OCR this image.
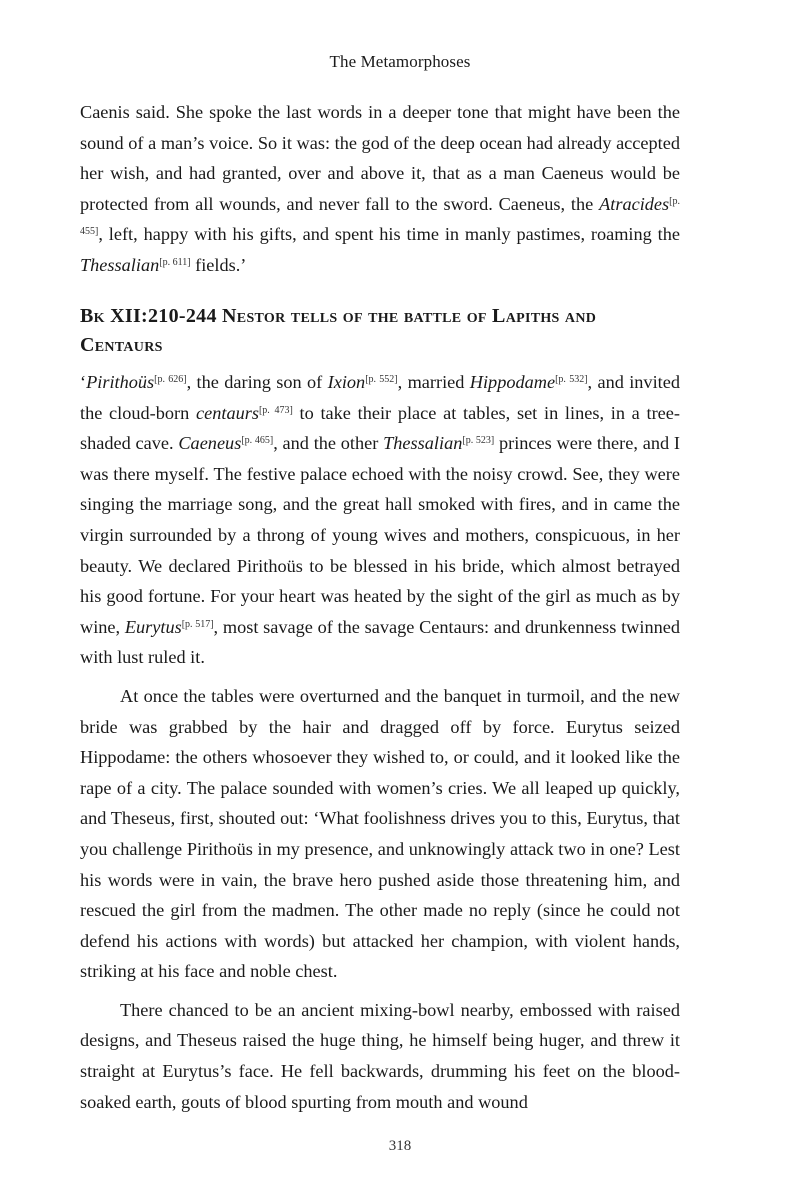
The Metamorphoses

Caenis said. She spoke the last words in a deeper tone that might have been the sound of a man’s voice. So it was: the god of the deep ocean had already accepted her wish, and had granted, over and above it, that as a man Caeneus would be protected from all wounds, and never fall to the sword. Caeneus, the Atracides[p. 455], left, happy with his gifts, and spent his time in manly pastimes, roaming the Thessalian[p. 611] fields.’

Bk XII:210-244 Nestor tells of the battle of Lapiths and Centaurs

‘Pirithoüs[p. 626], the daring son of Ixion[p. 552], married Hippodame[p. 532], and invited the cloud-born centaurs[p. 473] to take their place at tables, set in lines, in a tree-shaded cave. Caeneus[p. 465], and the other Thessalian[p. 523] princes were there, and I was there myself. The festive palace echoed with the noisy crowd. See, they were singing the marriage song, and the great hall smoked with fires, and in came the virgin surrounded by a throng of young wives and mothers, conspicuous, in her beauty. We declared Pirithoüs to be blessed in his bride, which almost betrayed his good fortune. For your heart was heated by the sight of the girl as much as by wine, Eurytus[p. 517], most savage of the savage Centaurs: and drunkenness twinned with lust ruled it.

At once the tables were overturned and the banquet in turmoil, and the new bride was grabbed by the hair and dragged off by force. Eurytus seized Hippodame: the others whosoever they wished to, or could, and it looked like the rape of a city. The palace sounded with women’s cries. We all leaped up quickly, and Theseus, first, shouted out: ‘What foolishness drives you to this, Eurytus, that you challenge Pirithoüs in my presence, and unknowingly attack two in one? Lest his words were in vain, the brave hero pushed aside those threatening him, and rescued the girl from the madmen. The other made no reply (since he could not defend his actions with words) but attacked her champion, with violent hands, striking at his face and noble chest.

There chanced to be an ancient mixing-bowl nearby, embossed with raised designs, and Theseus raised the huge thing, he himself being huger, and threw it straight at Eurytus’s face. He fell backwards, drumming his feet on the blood-soaked earth, gouts of blood spurting from mouth and wound

318
